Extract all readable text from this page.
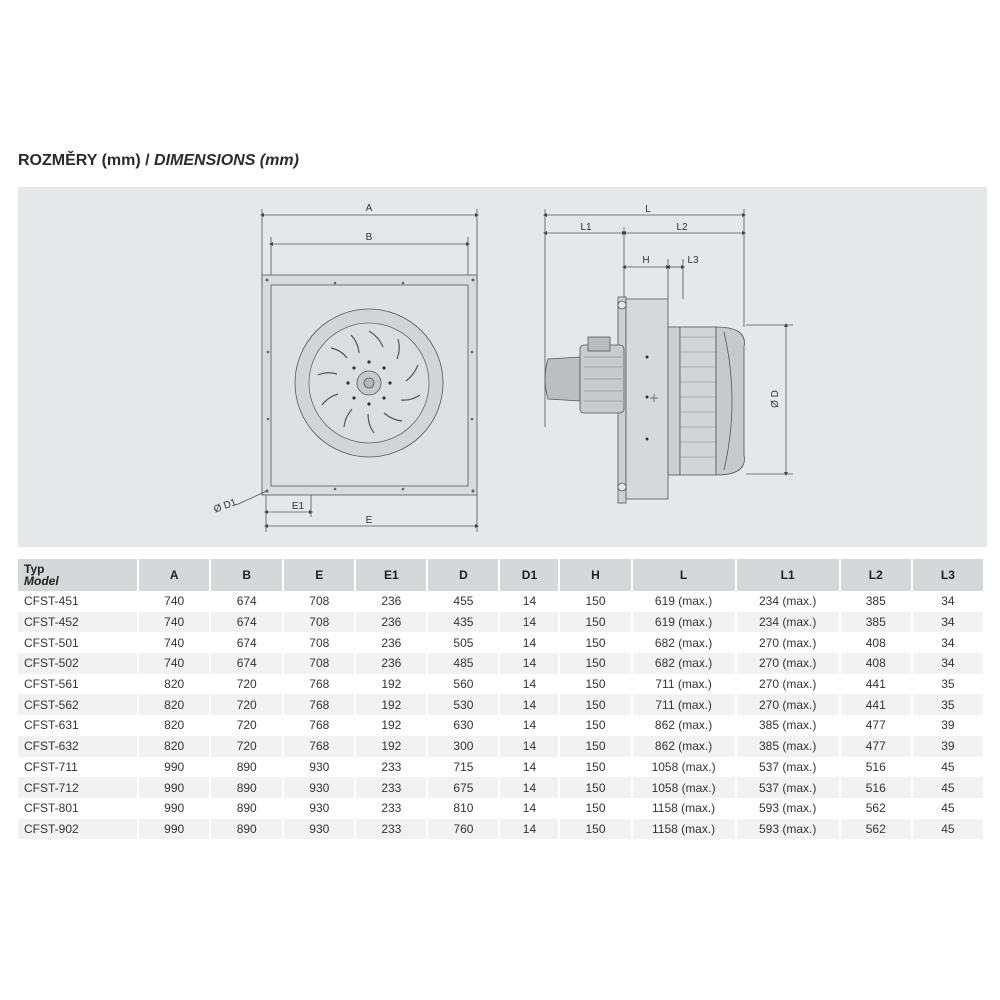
ROZMĚRY (mm) / DIMENSIONS (mm)
A
B
E1
E
Ø D1
L
L1	L2
H	L3
Ø D
Typ
Model	A	B	E	E1	D	D1	H	L	L1	L2	L3
CFST-451	740	674	708	236	455	14	150	619 (max.)	234 (max.)	385	34
CFST-452	740	674	708	236	435	14	150	619 (max.)	234 (max.)	385	34
CFST-501	740	674	708	236	505	14	150	682 (max.)	270 (max.)	408	34
CFST-502	740	674	708	236	485	14	150	682 (max.)	270 (max.)	408	34
CFST-561	820	720	768	192	560	14	150	711 (max.)	270 (max.)	441	35
CFST-562	820	720	768	192	530	14	150	711 (max.)	270 (max.)	441	35
CFST-631	820	720	768	192	630	14	150	862 (max.)	385 (max.)	477	39
CFST-632	820	720	768	192	300	14	150	862 (max.)	385 (max.)	477	39
CFST-711	990	890	930	233	715	14	150	1058 (max.)	537 (max.)	516	45
CFST-712	990	890	930	233	675	14	150	1058 (max.)	537 (max.)	516	45
CFST-801	990	890	930	233	810	14	150	1158 (max.)	593 (max.)	562	45
CFST-902	990	890	930	233	760	14	150	1158 (max.)	593 (max.)	562	45
